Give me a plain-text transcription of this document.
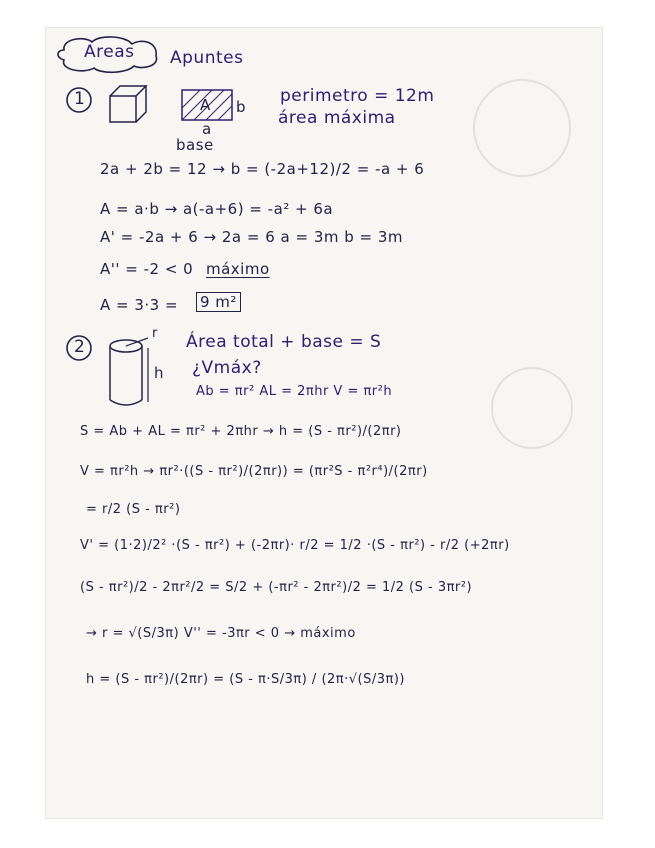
Areas Apuntes
1	A b
a
base
perimetro = 12m
área máxima
2a + 2b = 12 → b = (-2a+12)/2 = -a + 6
A = a·b → a(-a+6) = -a² + 6a
A' = -2a + 6 → 2a = 6 a = 3m b = 3m
A'' = -2 < 0 máximo
A = 3·3 = 9 m²
2
r
h
Área total + base = S
¿Vmáx?
Ab = πr² AL = 2πhr V = πr²h
S = Ab + AL = πr² + 2πhr → h = (S - πr²)/(2πr)
V = πr²h → πr²·((S - πr²)/(2πr)) = (πr²S - π²r⁴)/(2πr)
= r/2 (S - πr²)
V' = (1·2)/2² ·(S - πr²) + (-2πr)· r/2 = 1/2 ·(S - πr²) - r/2 (+2πr)
(S - πr²)/2 - 2πr²/2 = S/2 + (-πr² - 2πr²)/2 = 1/2 (S - 3πr²)
→ r = √(S/3π) V'' = -3πr < 0 → máximo
h = (S - πr²)/(2πr) = (S - π·S/3π) / (2π·√(S/3π))
